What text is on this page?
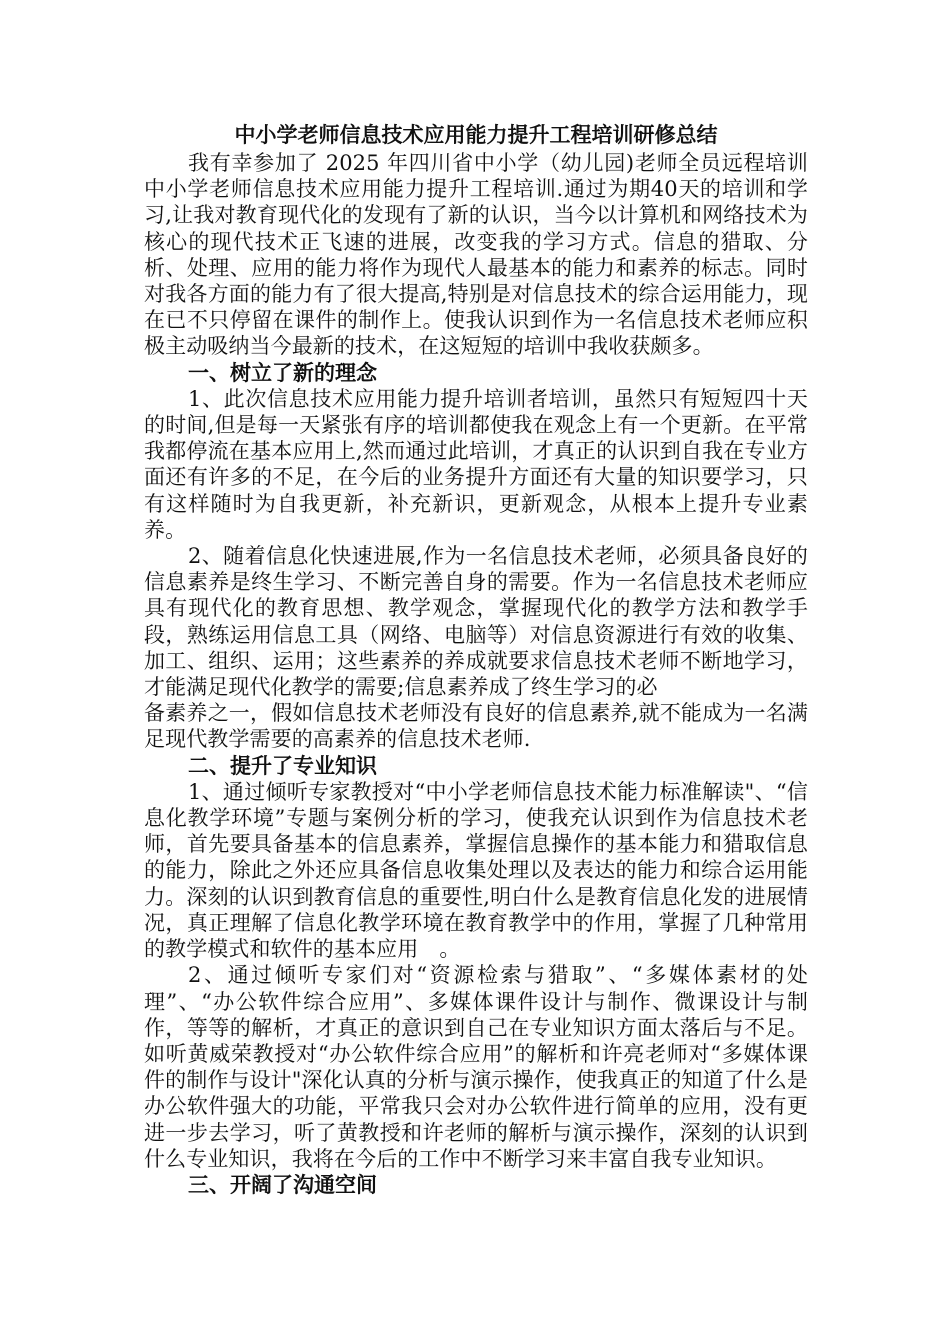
中小学老师信息技术应用能力提升工程培训研修总结

我有幸参加了 2025 年四川省中小学（幼儿园)老师全员远程培训中小学老师信息技术应用能力提升工程培训.通过为期40天的培训和学习,让我对教育现代化的发现有了新的认识，当今以计算机和网络技术为核心的现代技术正飞速的进展，改变我的学习方式。信息的猎取、分析、处理、应用的能力将作为现代人最基本的能力和素养的标志。同时对我各方面的能力有了很大提高,特别是对信息技术的综合运用能力，现在已不只停留在课件的制作上。使我认识到作为一名信息技术老师应积极主动吸纳当今最新的技术，在这短短的培训中我收获颇多。

一、树立了新的理念

1、此次信息技术应用能力提升培训者培训，虽然只有短短四十天的时间,但是每一天紧张有序的培训都使我在观念上有一个更新。在平常我都停流在基本应用上,然而通过此培训，才真正的认识到自我在专业方面还有许多的不足，在今后的业务提升方面还有大量的知识要学习，只有这样随时为自我更新，补充新识，更新观念，从根本上提升专业素养。

2、随着信息化快速进展,作为一名信息技术老师，必须具备良好的信息素养是终生学习、不断完善自身的需要。作为一名信息技术老师应具有现代化的教育思想、教学观念，掌握现代化的教学方法和教学手段，熟练运用信息工具（网络、电脑等）对信息资源进行有效的收集、加工、组织、运用；这些素养的养成就要求信息技术老师不断地学习，才能满足现代化教学的需要;信息素养成了终生学习的必

备素养之一，假如信息技术老师没有良好的信息素养,就不能成为一名满足现代教学需要的高素养的信息技术老师.

二、提升了专业知识

1、通过倾听专家教授对“中小学老师信息技术能力标准解读"、“信息化教学环境”专题与案例分析的学习，使我充认识到作为信息技术老师，首先要具备基本的信息素养，掌握信息操作的基本能力和猎取信息的能力，除此之外还应具备信息收集处理以及表达的能力和综合运用能力。深刻的认识到教育信息的重要性,明白什么是教育信息化发的进展情况，真正理解了信息化教学环境在教育教学中的作用，掌握了几种常用的教学模式和软件的基本应用　。

2、通过倾听专家们对“资源检索与猎取”、“多媒体素材的处理”、“办公软件综合应用”、多媒体课件设计与制作、微课设计与制作，等等的解析，才真正的意识到自己在专业知识方面太落后与不足。如听黄威荣教授对“办公软件综合应用”的解析和许亮老师对“多媒体课件的制作与设计"深化认真的分析与演示操作，使我真正的知道了什么是办公软件强大的功能，平常我只会对办公软件进行简单的应用，没有更进一步去学习，听了黄教授和许老师的解析与演示操作，深刻的认识到什么专业知识，我将在今后的工作中不断学习来丰富自我专业知识。

三、开阔了沟通空间
